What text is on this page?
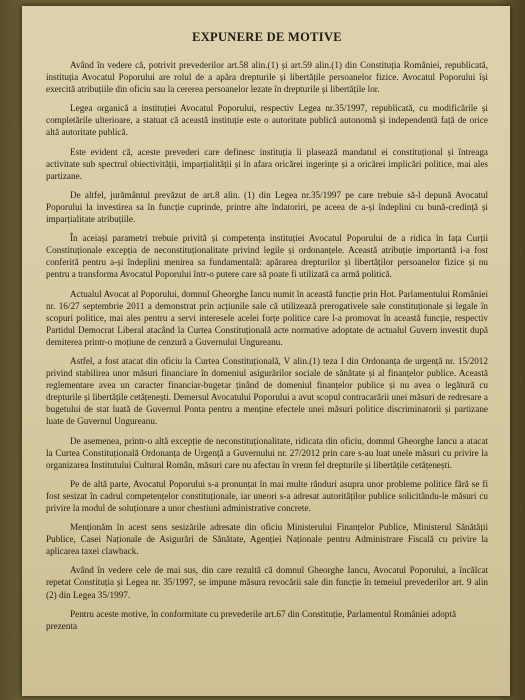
EXPUNERE DE MOTIVE

Având în vedere că, potrivit prevederilor art.58 alin.(1) și art.59 alin.(1) din Constituția României, republicată, instituția Avocatul Poporului are rolul de a apăra drepturile și libertățile persoanelor fizice. Avocatul Poporului își exercită atribuțiile din oficiu sau la cererea persoanelor lezate în drepturile și libertățile lor.

Legea organică a instituției Avocatul Poporului, respectiv Legea nr.35/1997, republicată, cu modificările și completările ulterioare, a statuat că această instituție este o autoritate publică autonomă și independentă față de orice altă autoritate publică.

Este evident că, aceste prevederi care definesc instituția îi plasează mandatul ei constituțional și întreaga activitate sub spectrul obiectivității, imparțialității și în afara oricărei ingerințe și a oricărei implicări politice, mai ales partizane.

De altfel, jurământul prevăzut de art.8 alin. (1) din Legea nr.35/1997 pe care trebuie să-l depună Avocatul Poporului la investirea sa în funcție cuprinde, printre alte îndatoriri, pe aceea de a-și îndeplini cu bună-credință și imparțialitate atribuțiile.

În aceiași parametri trebuie privită și competența instituției Avocatul Poporului de a ridica în fața Curții Constituționale excepția de neconstituționalitate privind legile și ordonanțele. Această atribuție importantă i-a fost conferită pentru a-și îndeplini menirea sa fundamentală: apărarea drepturilor și libertăților persoanelor fizice și nu pentru a transforma Avocatul Poporului într-o putere care să poate fi utilizată ca armă politică.

Actualul Avocat al Poporului, domnul Gheorghe Iancu numit în această funcție prin Hot. Parlamentului României nr. 16/27 septembrie 2011 a demonstrat prin acțiunile sale că utilizează prerogativele sale constituționale și legale în scopuri politice, mai ales pentru a servi interesele acelei forțe politice care l-a promovat în această funcție, respectiv Partidul Democrat Liberal atacând la Curtea Constituțională acte normative adoptate de actualul Guvern investit după demiterea printr-o moțiune de cenzură a Guvernului Ungureanu.

Astfel, a fost atacat din oficiu la Curtea Constituțională, V alin.(1) teza I din Ordonanța de urgență nr. 15/2012 privind stabilirea unor măsuri financiare în domeniul asigurărilor sociale de sănătate și al finanțelor publice. Această reglementare avea un caracter financiar-bugetar ținând de domeniul finanțelor publice și nu avea o legătură cu drepturile și libertățile cetățenești. Demersul Avocatului Poporului a avut scopul contracarării unei măsuri de redresare a bugetului de stat luată de Guvernul Ponta pentru a menține efectele unei măsuri politice discriminatorii și partizane luate de Guvernul Ungureanu.

De asemenea, printr-o altă excepție de neconstituționalitate, ridicata din oficiu, domnul Gheorghe Iancu a atacat la Curtea Constituțională Ordonanța de Urgență a Guvernului nr. 27/2012 prin care s-au luat unele măsuri cu privire la organizarea Institutului Cultural Român, măsuri care nu afectau în vreun fel drepturile și libertățile cetățenești.

Pe de altă parte, Avocatul Poporului s-a pronunțat în mai multe rânduri asupra unor probleme politice fără se fi fost sesizat în cadrul competențelor constituționale, iar uneori s-a adresat autorităților publice solicitându-le măsuri cu privire la modul de soluționare a unor chestiuni administrative concrete.

Menționăm în acest sens sesizările adresate din oficiu Ministerului Finanțelor Publice, Ministerul Sănătății Publice, Casei Naționale de Asigurări de Sănătate, Agenției Naționale pentru Administrare Fiscală cu privire la aplicarea taxei clawback.

Având în vedere cele de mai sus, din care rezultă că domnul Gheorghe Iancu, Avocatul Poporului, a încălcat repetat Constituția și Legea nr. 35/1997, se impune măsura revocării sale din funcție în temeiul prevederilor art. 9 alin (2) din Legea 35/1997.

Pentru aceste motive, în conformitate cu prevederile art.67 din Constituție, Parlamentul României adoptă prezenta
